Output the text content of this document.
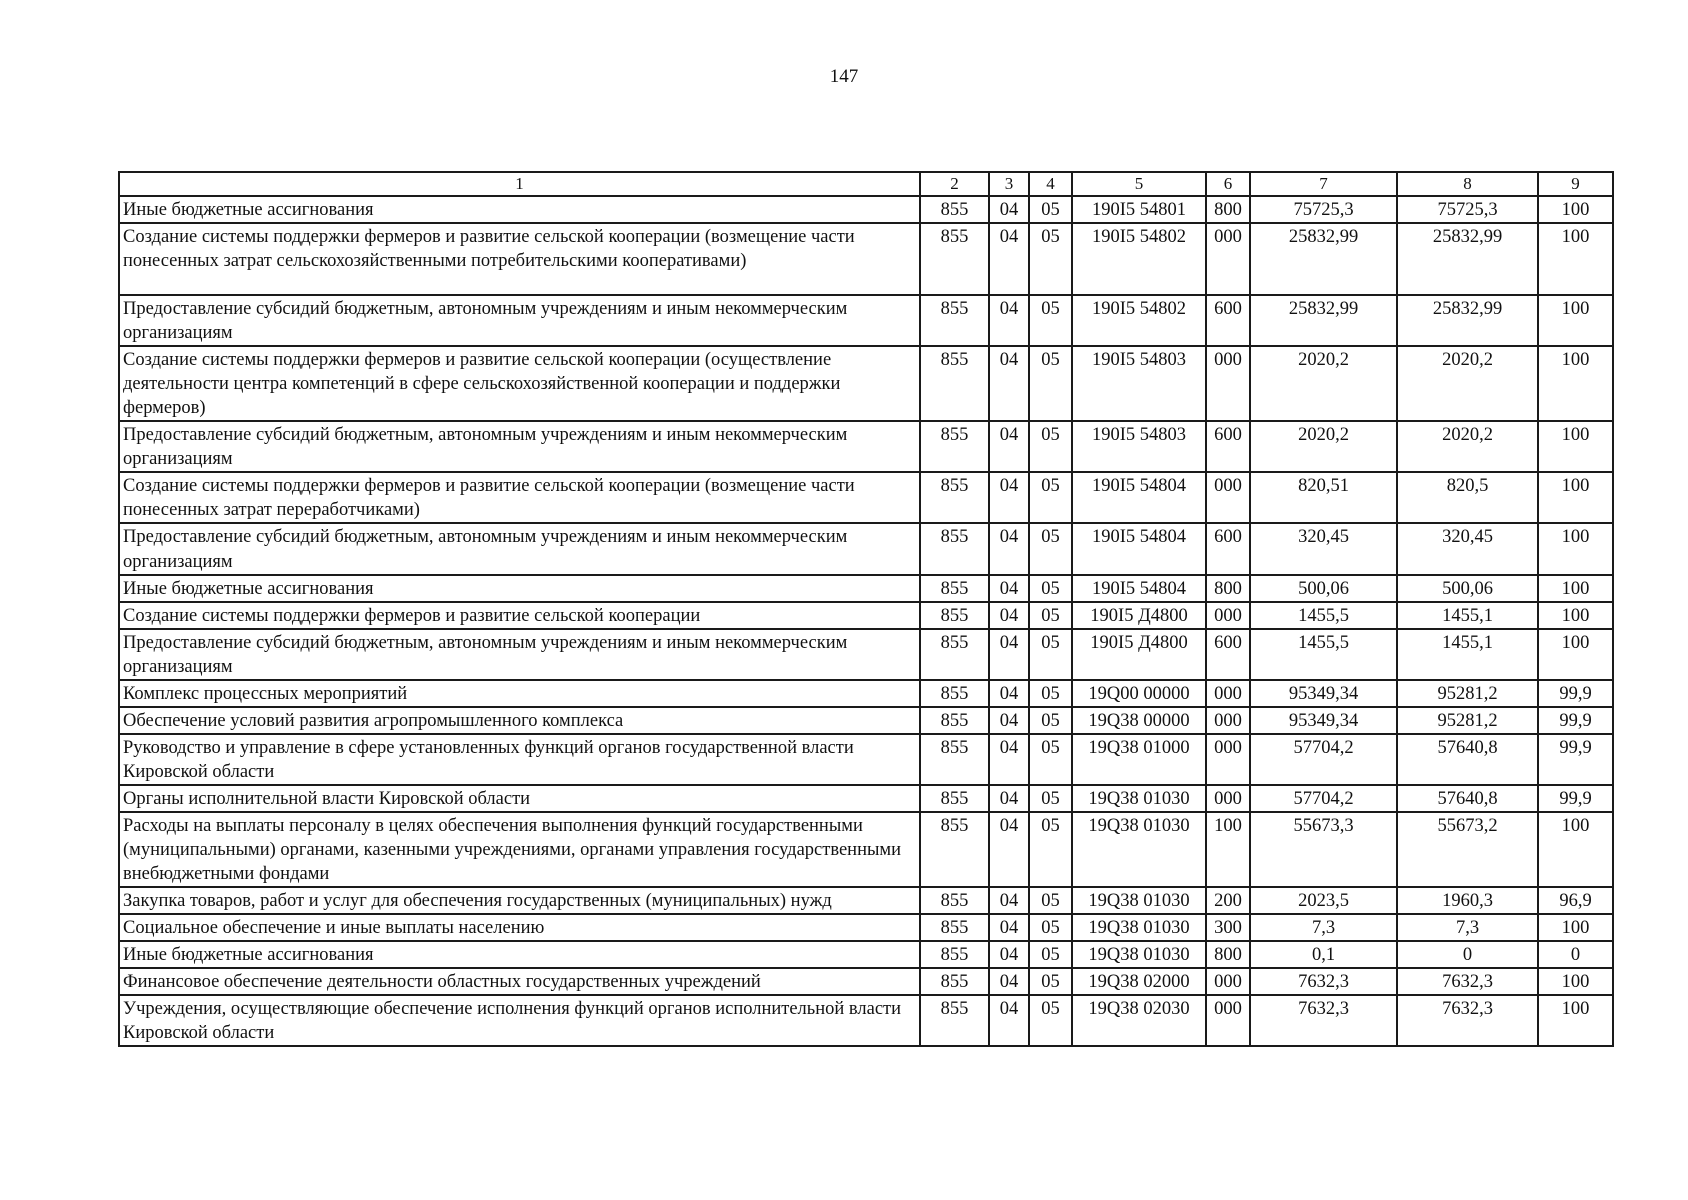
147
1	2	3	4	5	6	7	8	9
Иные бюджетные ассигнования	855	04	05	190I5 54801	800	75725,3	75725,3	100
Создание системы поддержки фермеров и развитие сельской кооперации (возмещение части понесенных затрат сельскохозяйственными потребительскими кооперативами)	855	04	05	190I5 54802	000	25832,99	25832,99	100
Предоставление субсидий бюджетным, автономным учреждениям и иным некоммерческим организациям	855	04	05	190I5 54802	600	25832,99	25832,99	100
Создание системы поддержки фермеров и развитие сельской кооперации (осуществление деятельности центра компетенций в сфере сельскохозяйственной кооперации и поддержки фермеров)	855	04	05	190I5 54803	000	2020,2	2020,2	100
Предоставление субсидий бюджетным, автономным учреждениям и иным некоммерческим организациям	855	04	05	190I5 54803	600	2020,2	2020,2	100
Создание системы поддержки фермеров и развитие сельской кооперации (возмещение части понесенных затрат переработчиками)	855	04	05	190I5 54804	000	820,51	820,5	100
Предоставление субсидий бюджетным, автономным учреждениям и иным некоммерческим организациям	855	04	05	190I5 54804	600	320,45	320,45	100
Иные бюджетные ассигнования	855	04	05	190I5 54804	800	500,06	500,06	100
Создание системы поддержки фермеров и развитие сельской кооперации	855	04	05	190I5 Д4800	000	1455,5	1455,1	100
Предоставление субсидий бюджетным, автономным учреждениям и иным некоммерческим организациям	855	04	05	190I5 Д4800	600	1455,5	1455,1	100
Комплекс процессных мероприятий	855	04	05	19Q00 00000	000	95349,34	95281,2	99,9
Обеспечение условий развития агропромышленного комплекса	855	04	05	19Q38 00000	000	95349,34	95281,2	99,9
Руководство и управление в сфере установленных функций органов государственной власти Кировской области	855	04	05	19Q38 01000	000	57704,2	57640,8	99,9
Органы исполнительной власти Кировской области	855	04	05	19Q38 01030	000	57704,2	57640,8	99,9
Расходы на выплаты персоналу в целях обеспечения выполнения функций государственными (муниципальными) органами, казенными учреждениями, органами управления государственными внебюджетными фондами	855	04	05	19Q38 01030	100	55673,3	55673,2	100
Закупка товаров, работ и услуг для обеспечения государственных (муниципальных) нужд	855	04	05	19Q38 01030	200	2023,5	1960,3	96,9
Социальное обеспечение и иные выплаты населению	855	04	05	19Q38 01030	300	7,3	7,3	100
Иные бюджетные ассигнования	855	04	05	19Q38 01030	800	0,1	0	0
Финансовое обеспечение деятельности областных государственных учреждений	855	04	05	19Q38 02000	000	7632,3	7632,3	100
Учреждения, осуществляющие обеспечение исполнения функций органов исполнительной власти Кировской области	855	04	05	19Q38 02030	000	7632,3	7632,3	100
